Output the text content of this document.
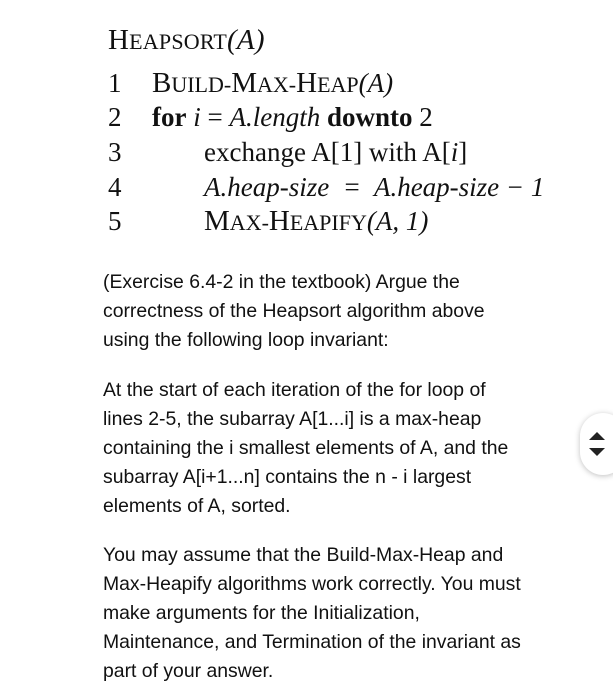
HEAPSORT(A)
1 BUILD-MAX-HEAP(A)
2 for i = A.length downto 2
3	exchange A[1] with A[i]
4	A.heap-size  =  A.heap-size − 1
5	MAX-HEAPIFY(A, 1)
(Exercise 6.4-2 in the textbook) Argue the correctness of the Heapsort algorithm above using the following loop invariant:
At the start of each iteration of the for loop of lines 2-5, the subarray A[1...i] is a max-heap containing the i smallest elements of A, and the subarray A[i+1...n] contains the n - i largest elements of A, sorted.
You may assume that the Build-Max-Heap and Max-Heapify algorithms work correctly. You must make arguments for the Initialization, Maintenance, and Termination of the invariant as part of your answer.
